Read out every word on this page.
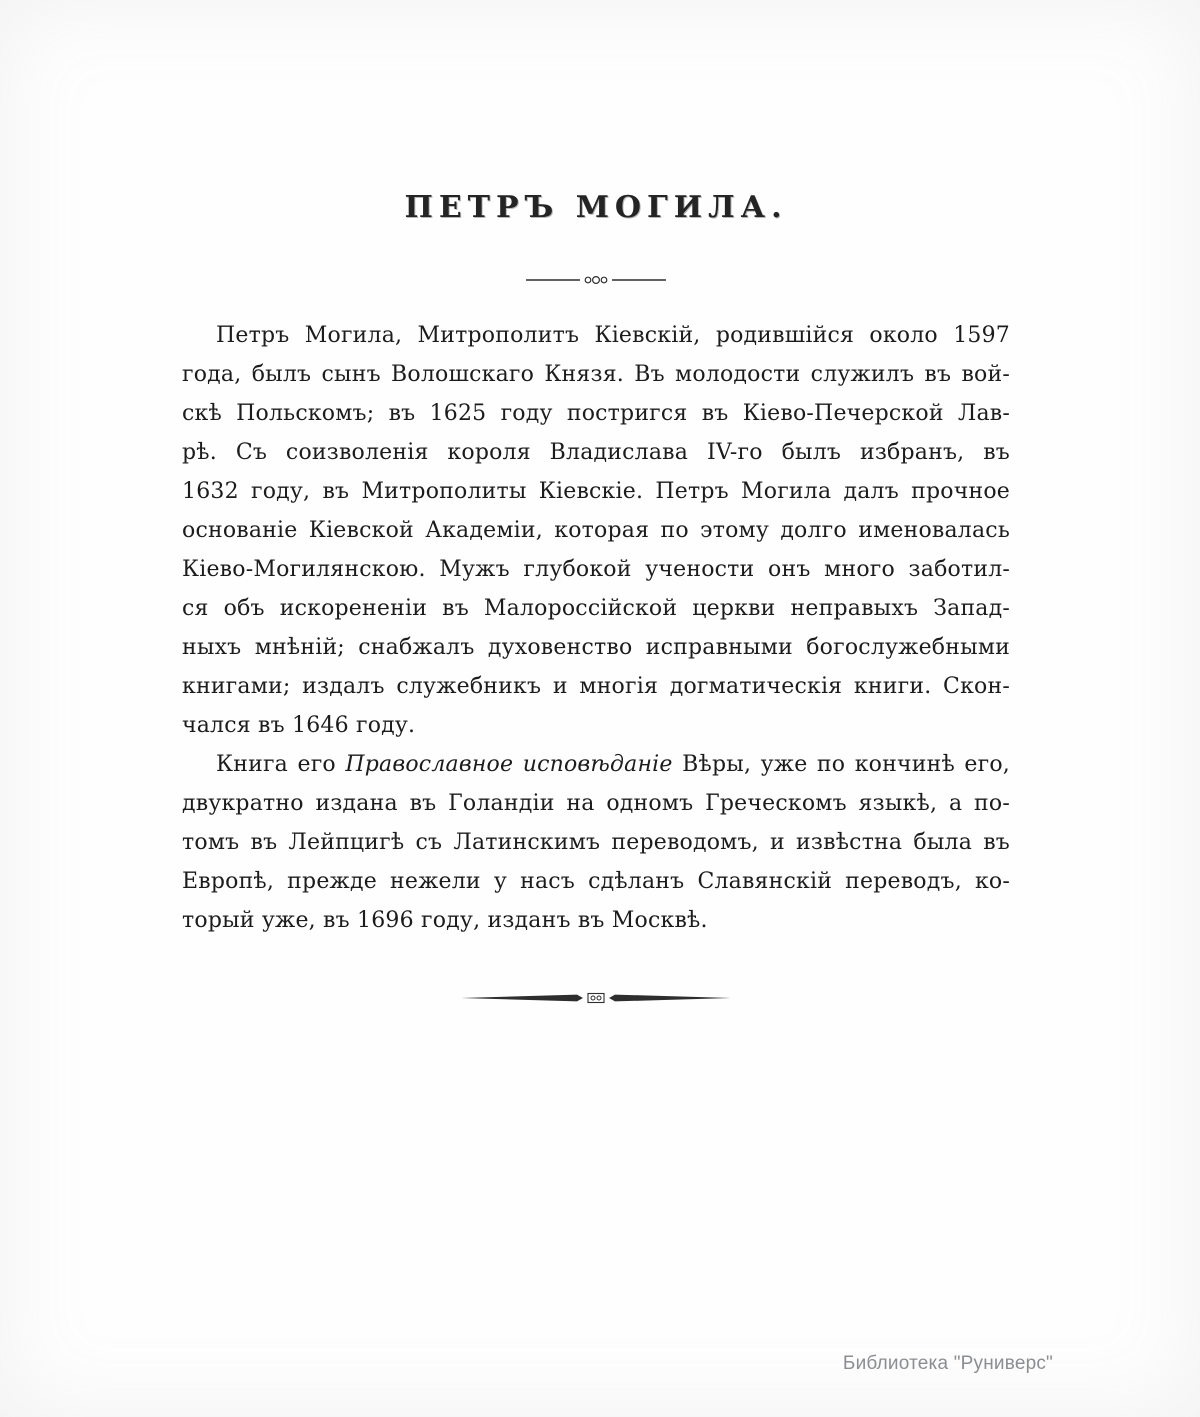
ПЕТРЪ МОГИЛА.
Петръ Могила, Митрополитъ Кіевскій, родившійся около 1597
года, былъ сынъ Волошскаго Князя. Въ молодости служилъ въ вой-
скѣ Польскомъ; въ 1625 году постригся въ Кіево-Печерской Лав-
рѣ. Съ соизволенія короля Владислава IV-го былъ избранъ, въ
1632 году, въ Митрополиты Кіевскіе. Петръ Могила далъ прочное
основаніе Кіевской Академіи, которая по этому долго именовалась
Кіево-Могилянскою. Мужъ глубокой учености онъ много заботил-
ся объ искорененіи въ Малороссійской церкви неправыхъ Запад-
ныхъ мнѣній; снабжалъ духовенство исправными богослужебными
книгами; издалъ служебникъ и многія догматическія книги. Скон-
чался въ 1646 году.
Книга его Православное исповѣданіе Вѣры, уже по кончинѣ его,
двукратно издана въ Голандіи на одномъ Греческомъ языкѣ, а по-
томъ въ Лейпцигѣ съ Латинскимъ переводомъ, и извѣстна была въ
Европѣ, прежде нежели у насъ сдѣланъ Славянскій переводъ, ко-
торый уже, въ 1696 году, изданъ въ Москвѣ.
Библиотека "Руниверс"
